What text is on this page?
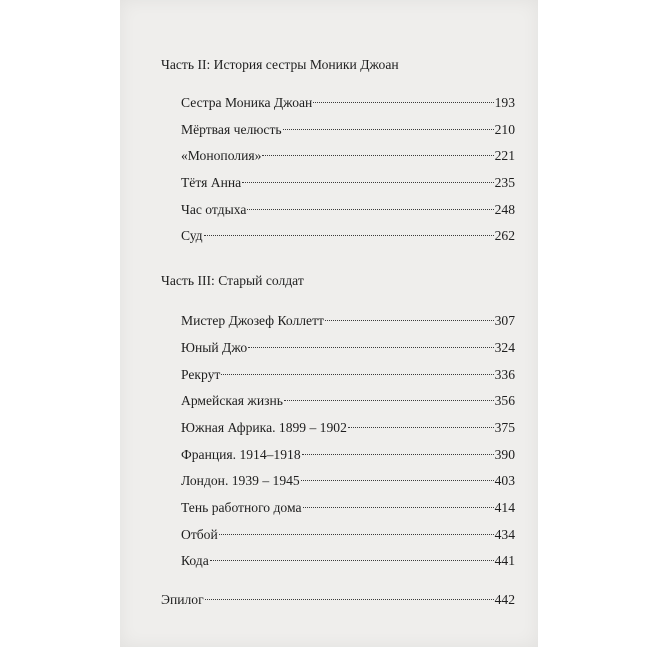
Часть II: История сестры Моники Джоан
Сестра Моника Джоан	193
Мёртвая челюсть	210
«Монополия»	221
Тётя Анна	235
Час отдыха	248
Суд	262
Часть III: Старый солдат
Мистер Джозеф Коллетт	307
Юный Джо	324
Рекрут	336
Армейская жизнь	356
Южная Африка. 1899 – 1902	375
Франция. 1914–1918	390
Лондон. 1939 – 1945	403
Тень работного дома	414
Отбой	434
Кода	441
Эпилог	442
